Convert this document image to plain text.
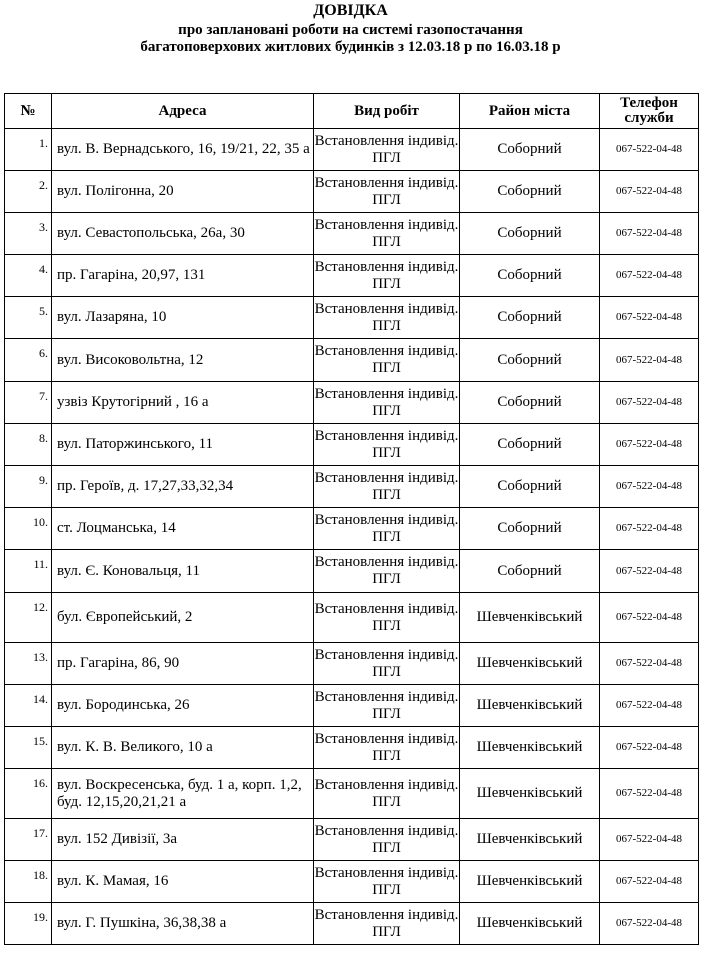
ДОВІДКА
про заплановані роботи на системі газопостачання
багатоповерхових житлових будинків з 12.03.18 р по 16.03.18 р
№	Адреса	Вид робіт	Район міста	Телефон служби
1.	вул. В. Вернадського, 16, 19/21, 22, 35 а	Встановлення індивід. ПГЛ	Соборний	067-522-04-48
2.	вул. Полігонна, 20	Встановлення індивід. ПГЛ	Соборний	067-522-04-48
3.	вул. Севастопольська, 26а, 30	Встановлення індивід. ПГЛ	Соборний	067-522-04-48
4.	пр. Гагаріна, 20,97, 131	Встановлення індивід. ПГЛ	Соборний	067-522-04-48
5.	вул. Лазаряна, 10	Встановлення індивід. ПГЛ	Соборний	067-522-04-48
6.	вул. Високовольтна, 12	Встановлення індивід. ПГЛ	Соборний	067-522-04-48
7.	узвіз Крутогірний , 16 а	Встановлення індивід. ПГЛ	Соборний	067-522-04-48
8.	вул. Паторжинського, 11	Встановлення індивід. ПГЛ	Соборний	067-522-04-48
9.	пр. Героїв, д. 17,27,33,32,34	Встановлення індивід. ПГЛ	Соборний	067-522-04-48
10.	ст. Лоцманська, 14	Встановлення індивід. ПГЛ	Соборний	067-522-04-48
11.	вул. Є. Коновальця, 11	Встановлення індивід. ПГЛ	Соборний	067-522-04-48
12.	бул. Європейський, 2	Встановлення індивід. ПГЛ	Шевченківський	067-522-04-48
13.	пр. Гагаріна, 86, 90	Встановлення індивід. ПГЛ	Шевченківський	067-522-04-48
14.	вул. Бородинська, 26	Встановлення індивід. ПГЛ	Шевченківський	067-522-04-48
15.	вул. К. В. Великого, 10 а	Встановлення індивід. ПГЛ	Шевченківський	067-522-04-48
16.	вул. Воскресенська, буд. 1 а, корп. 1,2, буд. 12,15,20,21,21 а	Встановлення індивід. ПГЛ	Шевченківський	067-522-04-48
17.	вул. 152 Дивізії, 3а	Встановлення індивід. ПГЛ	Шевченківський	067-522-04-48
18.	вул. К. Мамая, 16	Встановлення індивід. ПГЛ	Шевченківський	067-522-04-48
19.	вул. Г. Пушкіна, 36,38,38 а	Встановлення індивід. ПГЛ	Шевченківський	067-522-04-48
